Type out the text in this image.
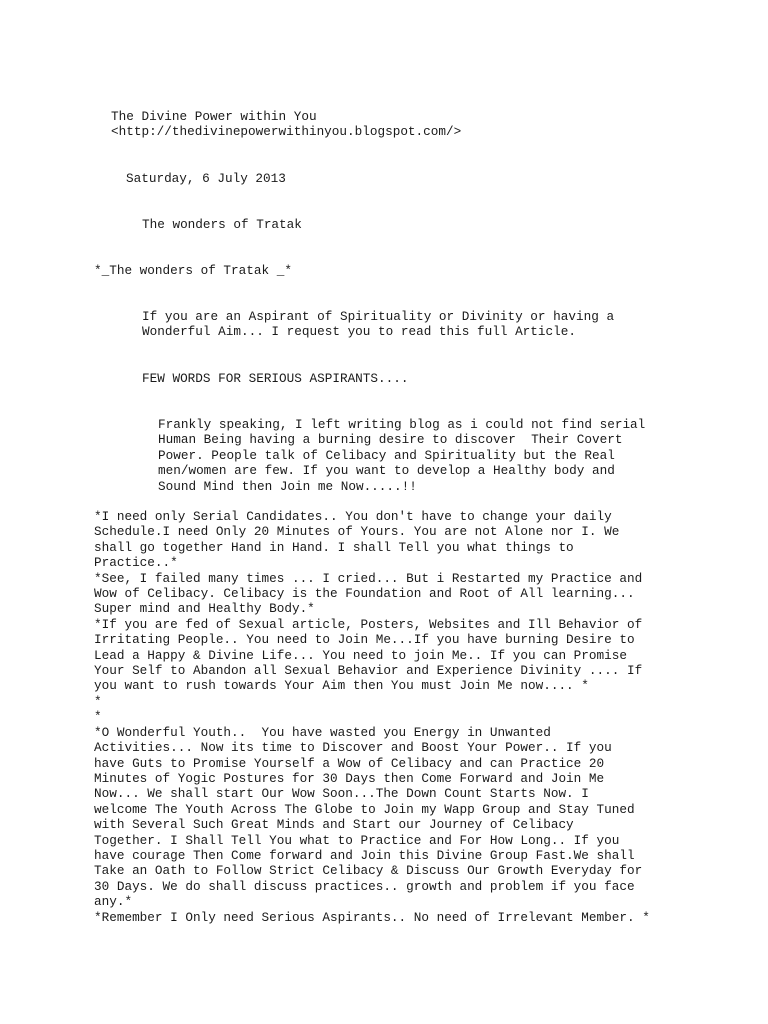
The Divine Power within You
<http://thedivinepowerwithinyou.blogspot.com/>
Saturday, 6 July 2013
The wonders of Tratak
*_The wonders of Tratak _*
If you are an Aspirant of Spirituality or Divinity or having a
Wonderful Aim... I request you to read this full Article.
FEW WORDS FOR SERIOUS ASPIRANTS....
Frankly speaking, I left writing blog as i could not find serial
Human Being having a burning desire to discover  Their Covert
Power. People talk of Celibacy and Spirituality but the Real
men/women are few. If you want to develop a Healthy body and
Sound Mind then Join me Now.....!!
*I need only Serial Candidates.. You don't have to change your daily
Schedule.I need Only 20 Minutes of Yours. You are not Alone nor I. We
shall go together Hand in Hand. I shall Tell you what things to
Practice..*
*See, I failed many times ... I cried... But i Restarted my Practice and
Wow of Celibacy. Celibacy is the Foundation and Root of All learning...
Super mind and Healthy Body.*
*If you are fed of Sexual article, Posters, Websites and Ill Behavior of
Irritating People.. You need to Join Me...If you have burning Desire to
Lead a Happy & Divine Life... You need to join Me.. If you can Promise
Your Self to Abandon all Sexual Behavior and Experience Divinity .... If
you want to rush towards Your Aim then You must Join Me now.... *
*
*
*O Wonderful Youth..  You have wasted you Energy in Unwanted
Activities... Now its time to Discover and Boost Your Power.. If you
have Guts to Promise Yourself a Wow of Celibacy and can Practice 20
Minutes of Yogic Postures for 30 Days then Come Forward and Join Me
Now... We shall start Our Wow Soon...The Down Count Starts Now. I
welcome The Youth Across The Globe to Join my Wapp Group and Stay Tuned
with Several Such Great Minds and Start our Journey of Celibacy
Together. I Shall Tell You what to Practice and For How Long.. If you
have courage Then Come forward and Join this Divine Group Fast.We shall
Take an Oath to Follow Strict Celibacy & Discuss Our Growth Everyday for
30 Days. We do shall discuss practices.. growth and problem if you face
any.*
*Remember I Only need Serious Aspirants.. No need of Irrelevant Member. *
